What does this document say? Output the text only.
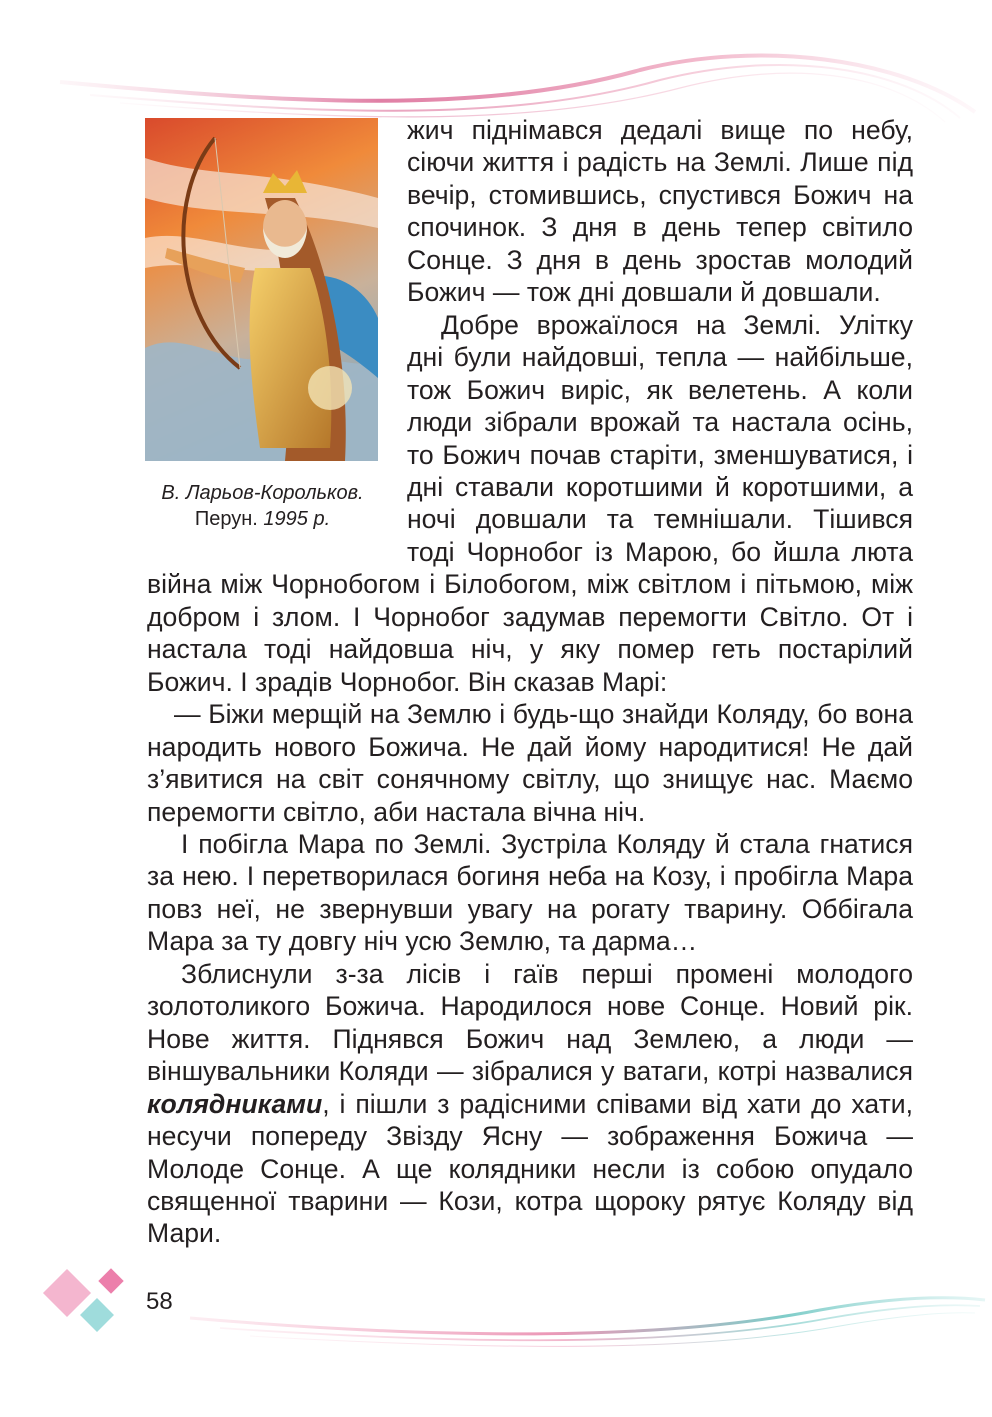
В. Ларьов-Корольков.
Перун. 1995 р.

жич піднімався дедалі вище по небу, сіючи життя і радість на Землі. Лише під вечір, стомившись, спустився Божич на спочинок. З дня в день тепер світило Сонце. З дня в день зростав молодий Божич — тож дні довшали й довшали.

Добре врожаїлося на Землі. Улітку дні були найдовші, тепла — найбільше, тож Божич виріс, як велетень. А коли люди зібрали врожай та настала осінь, то Божич почав старіти, зменшуватися, і дні ставали коротшими й коротшими, а ночі довшали та темнішали. Тішився тоді Чорнобог із Марою, бо йшла люта війна між Чорнобогом і Білобогом, між світлом і пітьмою, між добром і злом. І Чорнобог задумав перемогти Світло. От і настала тоді найдовша ніч, у яку помер геть постарілий Божич. І зрадів Чорнобог. Він сказав Марі:

— Біжи мерщій на Землю і будь-що знайди Коляду, бо вона народить нового Божича. Не дай йому народитися! Не дай з’явитися на світ сонячному світлу, що знищує нас. Маємо перемогти світло, аби настала вічна ніч.

І побігла Мара по Землі. Зустріла Коляду й стала гнатися за нею. І перетворилася богиня неба на Козу, і пробігла Мара повз неї, не звернувши увагу на рогату тварину. Оббігала Мара за ту довгу ніч усю Землю, та дарма…

Зблиснули з-за лісів і гаїв перші промені молодого золотоликого Божича. Народилося нове Сонце. Новий рік. Нове життя. Піднявся Божич над Землею, а люди — віншувальники Коляди — зібралися у ватаги, котрі назвалися колядниками, і пішли з радісними співами від хати до хати, несучи попереду Звізду Ясну — зображення Божича — Молоде Сонце. А ще колядники несли із собою опудало священної тварини — Кози, котра щороку рятує Коляду від Мари.

58
